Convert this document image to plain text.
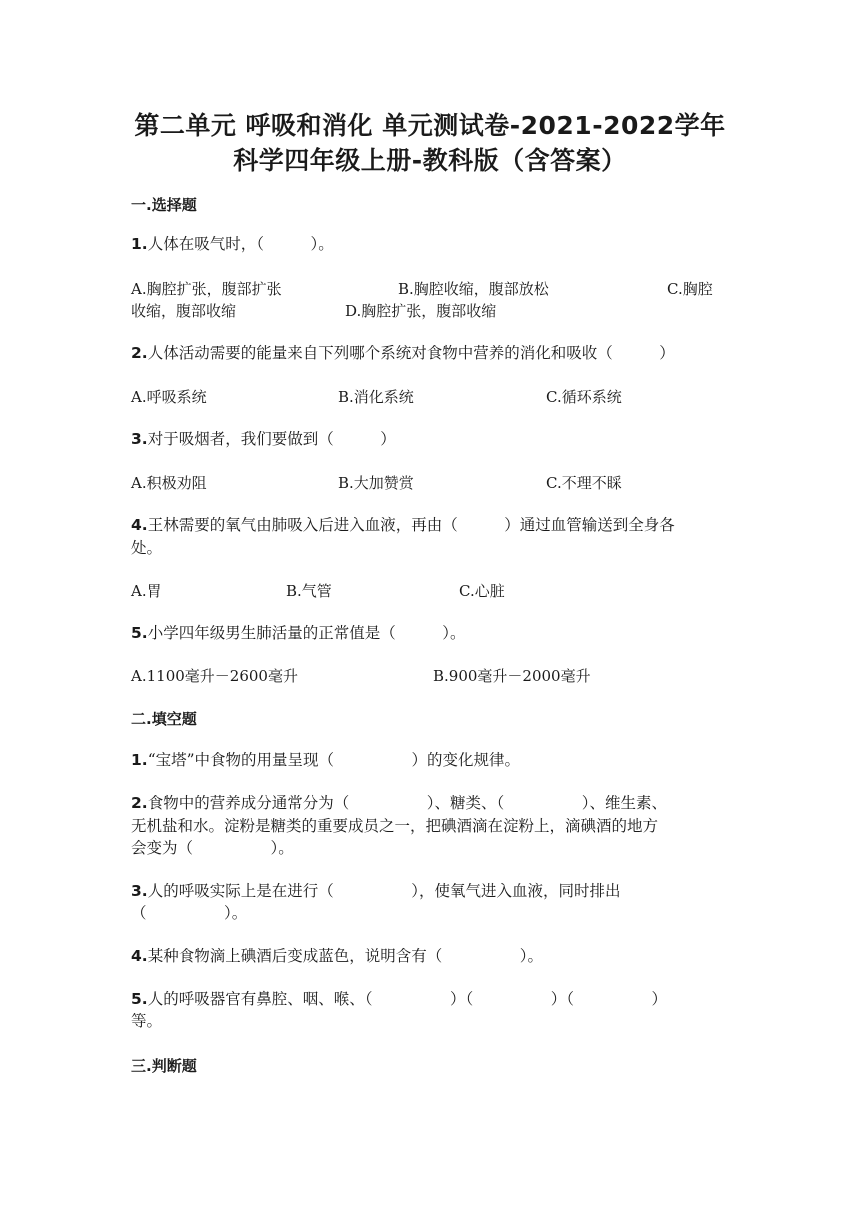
第二单元 呼吸和消化 单元测试卷-2021-2022学年
科学四年级上册-教科版（含答案）
一.选择题
1.人体在吸气时，（　　　）。
A.胸腔扩张，腹部扩张	B.胸腔收缩，腹部放松	C.胸腔
收缩，腹部收缩	D.胸腔扩张，腹部收缩
2.人体活动需要的能量来自下列哪个系统对食物中营养的消化和吸收（　　　）
A.呼吸系统	B.消化系统	C.循环系统
3.对于吸烟者，我们要做到（　　　）
A.积极劝阻	B.大加赞赏	C.不理不睬
4.王林需要的氧气由肺吸入后进入血液，再由（　　　）通过血管输送到全身各
处。
A.胃	B.气管	C.心脏
5.小学四年级男生肺活量的正常值是（　　　）。
A.1100毫升－2600毫升	B.900毫升－2000毫升
二.填空题
1.“宝塔”中食物的用量呈现（　　　　　）的变化规律。
2.食物中的营养成分通常分为（　　　　　）、糖类、（　　　　　）、维生素、
无机盐和水。淀粉是糖类的重要成员之一，把碘酒滴在淀粉上，滴碘酒的地方
会变为（　　　　　）。
3.人的呼吸实际上是在进行（　　　　　），使氧气进入血液，同时排出
（　　　　　）。
4.某种食物滴上碘酒后变成蓝色，说明含有（　　　　　）。
5.人的呼吸器官有鼻腔、咽、喉、（　　　　　）（　　　　　）（　　　　　）
等。
三.判断题
